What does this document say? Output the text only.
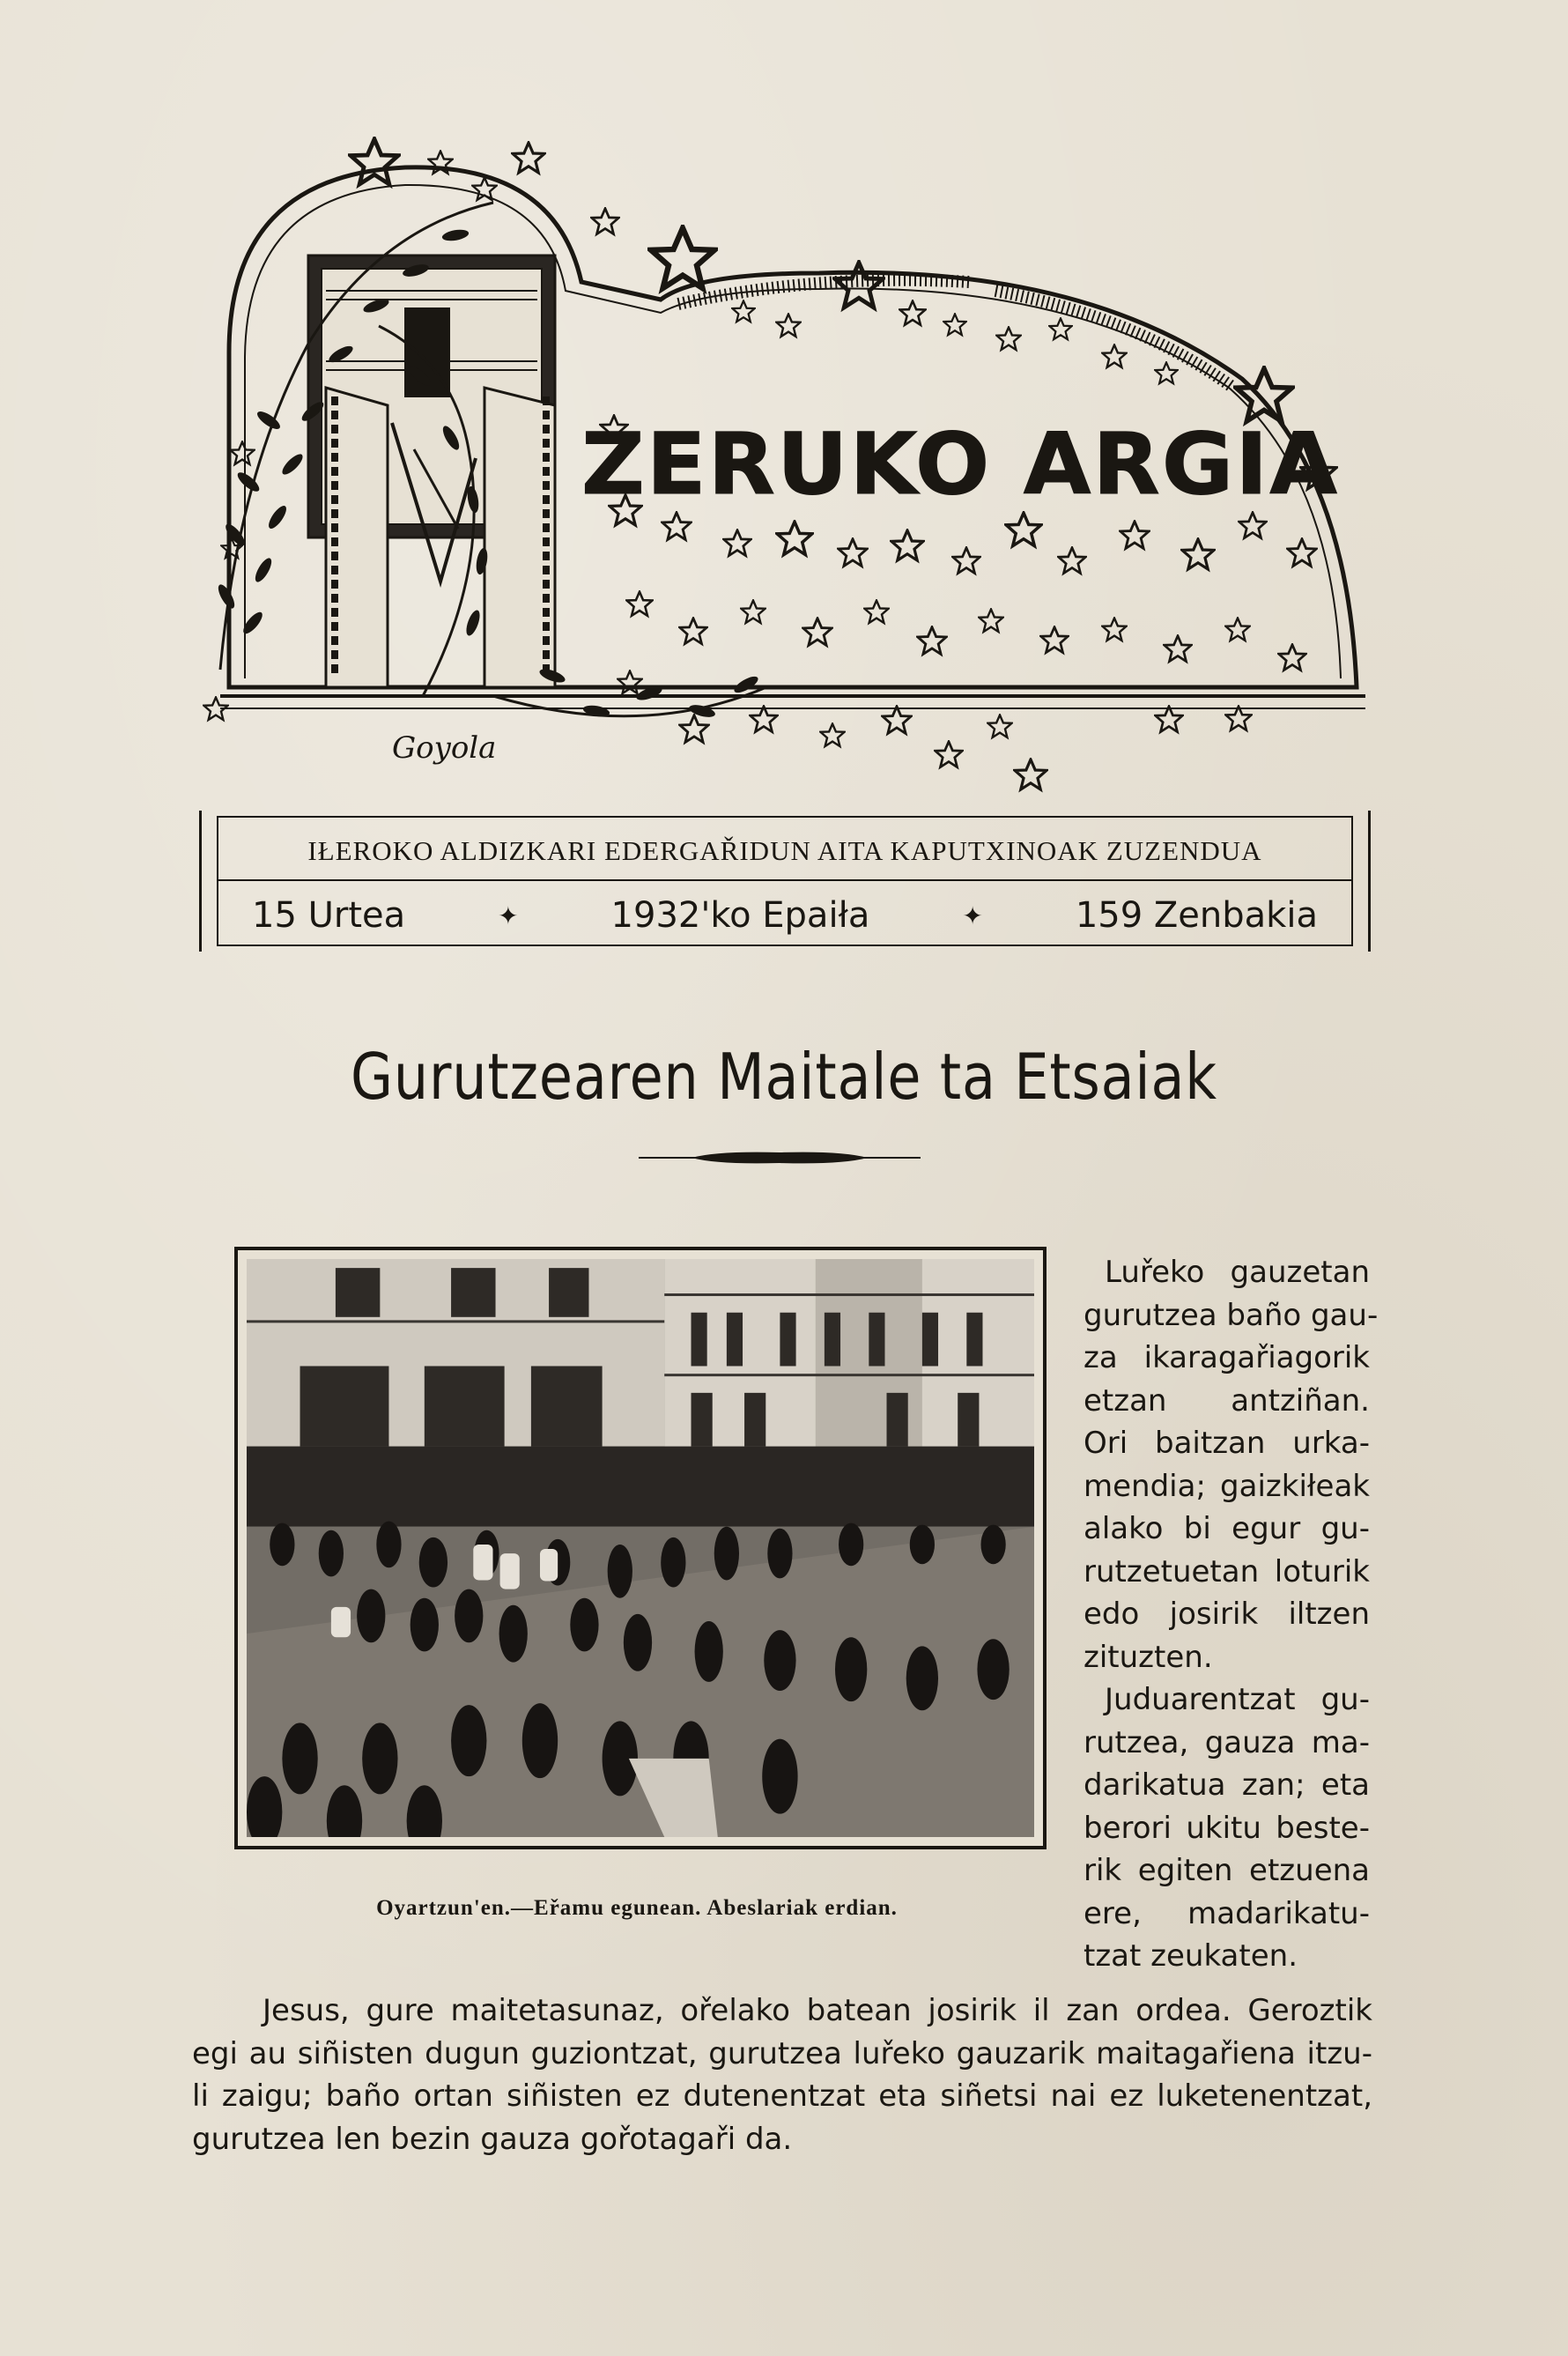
ZERUKO ARGIA
Goyola
IŁEROKO ALDIZKARI EDERGAŘIDUN AITA KAPUTXINOAK ZUZENDUA
15 Urtea	✦	1932'ko Epaiła	✦	159 Zenbakia
Gurutzearen Maitale ta Etsaiak
Oyartzun'en.—Eřamu egunean. Abeslariak erdian.
Luřeko gauzetan
gurutzea baño gau-
za ikaragařiagorik
etzan antziñan.
Ori baitzan urka-
mendia; gaizkiłeak
alako bi egur gu-
rutzetuetan loturik
edo josirik iltzen
zituzten.
Juduarentzat gu-
rutzea, gauza ma-
darikatua zan; eta
berori ukitu beste-
rik egiten etzuena
ere, madarikatu-
tzat zeukaten.
Jesus, gure maitetasunaz, ořelako batean josirik il zan ordea. Geroztik
egi au siñisten dugun guziontzat, gurutzea luřeko gauzarik maitagařiena itzu-
li zaigu; baño ortan siñisten ez dutenentzat eta siñetsi nai ez luketenentzat,
gurutzea len bezin gauza gořotagaři da.
